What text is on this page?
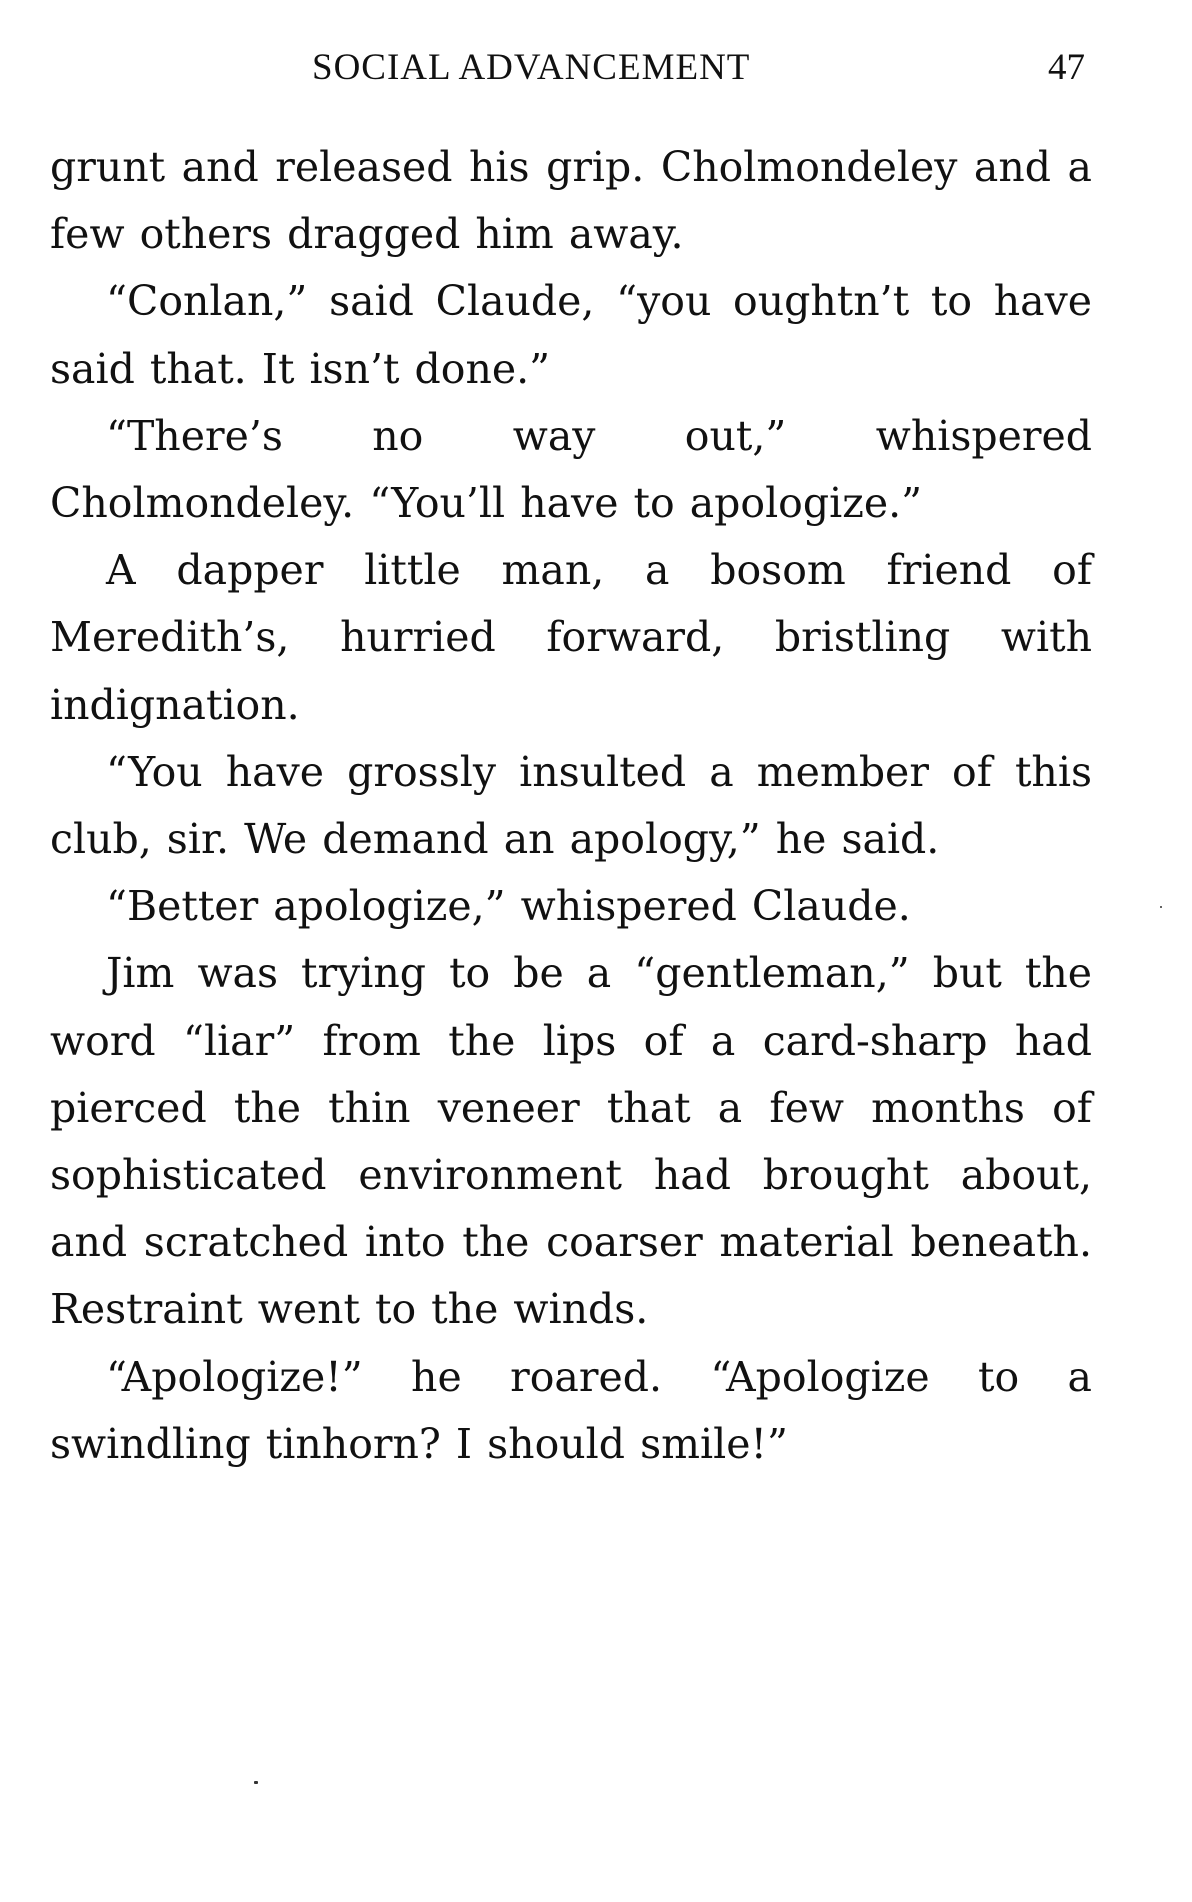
SOCIAL ADVANCEMENT	47

grunt and released his grip. Cholmondeley and a few others dragged him away.

“Conlan,” said Claude, “you oughtn’t to have said that. It isn’t done.”

“There’s no way out,” whispered Cholmondeley. “You’ll have to apologize.”

A dapper little man, a bosom friend of Meredith’s, hurried forward, bristling with indignation.

“You have grossly insulted a member of this club, sir. We demand an apology,” he said.

“Better apologize,” whispered Claude.

Jim was trying to be a “gentleman,” but the word “liar” from the lips of a card-sharp had pierced the thin veneer that a few months of sophisticated environment had brought about, and scratched into the coarser material beneath. Restraint went to the winds.

“Apologize!” he roared. “Apologize to a swindling tinhorn? I should smile!”
